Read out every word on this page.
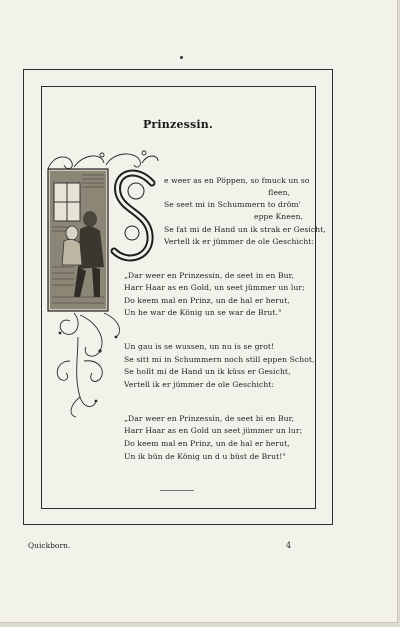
Prinzessin.
e weer as en Pöppen, so fmuck un so
fleen,
Se seet mi in Schummern to dröm'
eppe Kneen,
Se fat mi de Hand un ik strak er Gesicht,
Vertell ik er jümmer de ole Geschicht:
„Dar weer en Prinzessin, de seet in en Bur,
Harr Haar as en Gold, un seet jümmer un lur;
Do keem mal en Prinz, un de hal er herut,
Un he war de König un se war de Brut."
Un gau is se wussen, un nu is se grot!
Se sitt mi in Schummern noch still eppen Schot,
Se hollt mi de Hand un ik küss er Gesicht,
Vertell ik er jümmer de ole Geschicht:
„Dar weer en Prinzessin, de seet bi en Bur,
Harr Haar as en Gold un seet jümmer un lur;
Do keem mal en Prinz, un de hal er herut,
Un ik bün de König un d u büst de Brut!"
Quickborn.	4
